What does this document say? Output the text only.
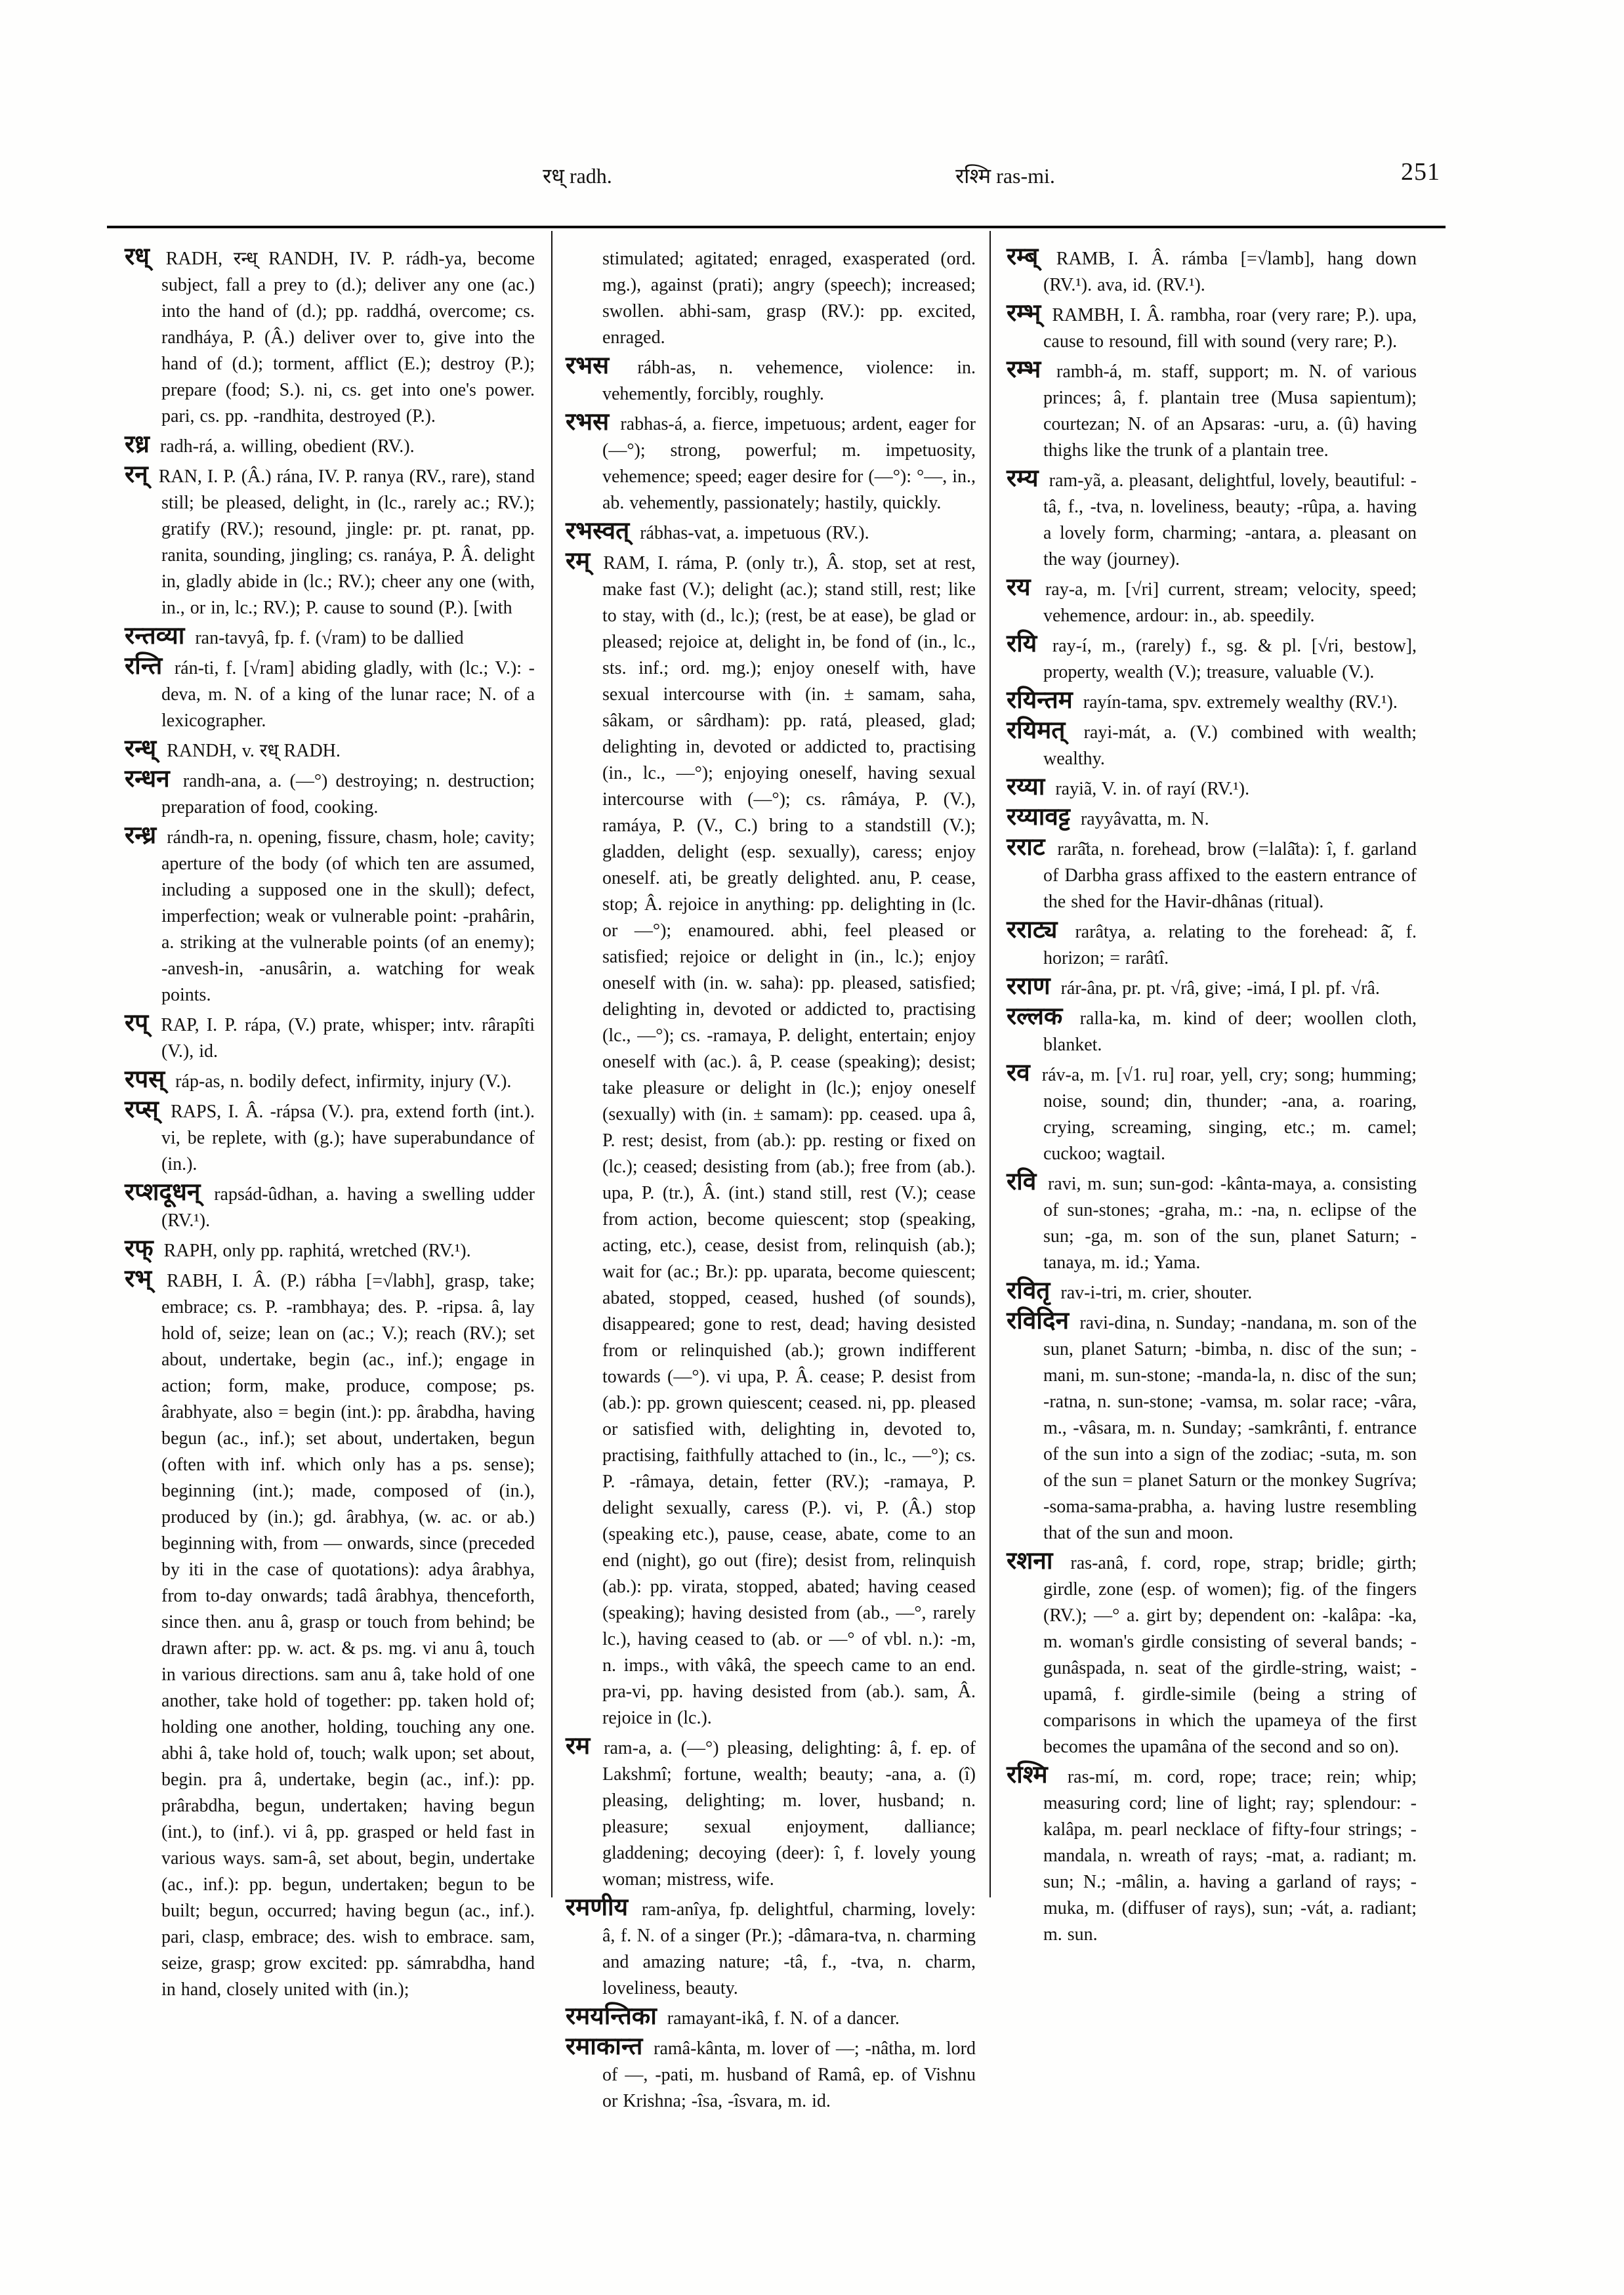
रध् radh.	रश्मि ras-mi.	251

रध् RADH, रन्ध् RANDH, IV. P. rádh-ya, become subject, fall a prey to (d.); deliver any one (ac.) into the hand of (d.); pp. raddhá, overcome; cs. randháya, P. (Â.) deliver over to, give into the hand of (d.); torment, afflict (E.); destroy (P.); prepare (food; S.). ni, cs. get into one's power. pari, cs. pp. -randhita, destroyed (P.).

रध्र radh-rá, a. willing, obedient (RV.).

रन् RAN, I. P. (Â.) rána, IV. P. ranya (RV., rare), stand still; be pleased, delight, in (lc., rarely ac.; RV.); gratify (RV.); resound, jingle: pr. pt. ranat, pp. ranita, sounding, jingling; cs. ranáya, P. Â. delight in, gladly abide in (lc.; RV.); cheer any one (with, in., or in, lc.; RV.); P. cause to sound (P.). [with

रन्तव्या ran-tavyâ, fp. f. (√ram) to be dallied

रन्ति rán-ti, f. [√ram] abiding gladly, with (lc.; V.): -deva, m. N. of a king of the lunar race; N. of a lexicographer.

रन्ध् RANDH, v. रध् RADH.

रन्धन randh-ana, a. (—°) destroying; n. destruction; preparation of food, cooking.

रन्ध्र rándh-ra, n. opening, fissure, chasm, hole; cavity; aperture of the body (of which ten are assumed, including a supposed one in the skull); defect, imperfection; weak or vulnerable point: -prahârin, a. striking at the vulnerable points (of an enemy); -anvesh-in, -anusârin, a. watching for weak points.

रप् RAP, I. P. rápa, (V.) prate, whisper; intv. rârapîti (V.), id.

रपस् ráp-as, n. bodily defect, infirmity, injury (V.).

रप्स् RAPS, I. Â. -rápsa (V.). pra, extend forth (int.). vi, be replete, with (g.); have superabundance of (in.).

रप्शदूधन् rapsád-ûdhan, a. having a swelling udder (RV.¹).

रफ् RAPH, only pp. raphitá, wretched (RV.¹).

रभ् RABH, I. Â. (P.) rábha [=√labh], grasp, take; embrace; cs. P. -rambhaya; des. P. -ripsa. â, lay hold of, seize; lean on (ac.; V.); reach (RV.); set about, undertake, begin (ac., inf.); engage in action; form, make, produce, compose; ps. ârabhyate, also = begin (int.): pp. ârabdha, having begun (ac., inf.); set about, undertaken, begun (often with inf. which only has a ps. sense); beginning (int.); made, composed of (in.), produced by (in.); gd. ârabhya, (w. ac. or ab.) beginning with, from — onwards, since (preceded by iti in the case of quotations): adya ârabhya, from to-day onwards; tadâ ârabhya, thenceforth, since then. anu â, grasp or touch from behind; be drawn after: pp. w. act. & ps. mg. vi anu â, touch in various directions. sam anu â, take hold of one another, take hold of together: pp. taken hold of; holding one another, holding, touching any one. abhi â, take hold of, touch; walk upon; set about, begin. pra â, undertake, begin (ac., inf.): pp. prârabdha, begun, undertaken; having begun (int.), to (inf.). vi â, pp. grasped or held fast in various ways. sam-â, set about, begin, undertake (ac., inf.): pp. begun, undertaken; begun to be built; begun, occurred; having begun (ac., inf.). pari, clasp, embrace; des. wish to embrace. sam, seize, grasp; grow excited: pp. sámrabdha, hand in hand, closely united with (in.);

stimulated; agitated; enraged, exasperated (ord. mg.), against (prati); angry (speech); increased; swollen. abhi-sam, grasp (RV.): pp. excited, enraged.

रभस rábh-as, n. vehemence, violence: in. vehemently, forcibly, roughly.

रभस rabhas-á, a. fierce, impetuous; ardent, eager for (—°); strong, powerful; m. impetuosity, vehemence; speed; eager desire for (—°): °—, in., ab. vehemently, passionately; hastily, quickly.

रभस्वत् rábhas-vat, a. impetuous (RV.).

रम् RAM, I. ráma, P. (only tr.), Â. stop, set at rest, make fast (V.); delight (ac.); stand still, rest; like to stay, with (d., lc.); (rest, be at ease), be glad or pleased; rejoice at, delight in, be fond of (in., lc., sts. inf.; ord. mg.); enjoy oneself with, have sexual intercourse with (in. ± samam, saha, sâkam, or sârdham): pp. ratá, pleased, glad; delighting in, devoted or addicted to, practising (in., lc., —°); enjoying oneself, having sexual intercourse with (—°); cs. râmáya, P. (V.), ramáya, P. (V., C.) bring to a standstill (V.); gladden, delight (esp. sexually), caress; enjoy oneself. ati, be greatly delighted. anu, P. cease, stop; Â. rejoice in anything: pp. delighting in (lc. or —°); enamoured. abhi, feel pleased or satisfied; rejoice or delight in (in., lc.); enjoy oneself with (in. w. saha): pp. pleased, satisfied; delighting in, devoted or addicted to, practising (lc., —°); cs. -ramaya, P. delight, entertain; enjoy oneself with (ac.). â, P. cease (speaking); desist; take pleasure or delight in (lc.); enjoy oneself (sexually) with (in. ± samam): pp. ceased. upa â, P. rest; desist, from (ab.): pp. resting or fixed on (lc.); ceased; desisting from (ab.); free from (ab.). upa, P. (tr.), Â. (int.) stand still, rest (V.); cease from action, become quiescent; stop (speaking, acting, etc.), cease, desist from, relinquish (ab.); wait for (ac.; Br.): pp. uparata, become quiescent; abated, stopped, ceased, hushed (of sounds), disappeared; gone to rest, dead; having desisted from or relinquished (ab.); grown indifferent towards (—°). vi upa, P. Â. cease; P. desist from (ab.): pp. grown quiescent; ceased. ni, pp. pleased or satisfied with, delighting in, devoted to, practising, faithfully attached to (in., lc., —°); cs. P. -râmaya, detain, fetter (RV.); -ramaya, P. delight sexually, caress (P.). vi, P. (Â.) stop (speaking etc.), pause, cease, abate, come to an end (night), go out (fire); desist from, relinquish (ab.): pp. virata, stopped, abated; having ceased (speaking); having desisted from (ab., —°, rarely lc.), having ceased to (ab. or —° of vbl. n.): -m, n. imps., with vâkâ, the speech came to an end. pra-vi, pp. having desisted from (ab.). sam, Â. rejoice in (lc.).

रम ram-a, a. (—°) pleasing, delighting: â, f. ep. of Lakshmî; fortune, wealth; beauty; -ana, a. (î) pleasing, delighting; m. lover, husband; n. pleasure; sexual enjoyment, dalliance; gladdening; decoying (deer): î, f. lovely young woman; mistress, wife.

रमणीय ram-anîya, fp. delightful, charming, lovely: â, f. N. of a singer (Pr.); -dâmara-tva, n. charming and amazing nature; -tâ, f., -tva, n. charm, loveliness, beauty.

रमयन्तिका ramayant-ikâ, f. N. of a dancer.

रमाकान्त ramâ-kânta, m. lover of —; -nâtha, m. lord of —, -pati, m. husband of Ramâ, ep. of Vishnu or Krishna; -îsa, -îsvara, m. id.

रम्ब् RAMB, I. Â. rámba [=√lamb], hang down (RV.¹). ava, id. (RV.¹).

रम्भ् RAMBH, I. Â. rambha, roar (very rare; P.). upa, cause to resound, fill with sound (very rare; P.).

रम्भ rambh-á, m. staff, support; m. N. of various princes; â, f. plantain tree (Musa sapientum); courtezan; N. of an Apsaras: -uru, a. (û) having thighs like the trunk of a plantain tree.

रम्य ram-yã, a. pleasant, delightful, lovely, beautiful: -tâ, f., -tva, n. loveliness, beauty; -rûpa, a. having a lovely form, charming; -antara, a. pleasant on the way (journey).

रय ray-a, m. [√ri] current, stream; velocity, speed; vehemence, ardour: in., ab. speedily.

रयि ray-í, m., (rarely) f., sg. & pl. [√ri, bestow], property, wealth (V.); treasure, valuable (V.).

रयिन्तम rayín-tama, spv. extremely wealthy (RV.¹).

रयिमत् rayi-mát, a. (V.) combined with wealth; wealthy.

रय्या rayiã, V. in. of rayí (RV.¹).

रय्यावट्ट rayyâvatta, m. N.

रराट rarâ̆ta, n. forehead, brow (=lalâ̆ta): î, f. garland of Darbha grass affixed to the eastern entrance of the shed for the Havir-dhânas (ritual).

रराट्य rarâtya, a. relating to the forehead: â̆, f. horizon; = rarâtî.

रराण rár-âna, pr. pt. √râ, give; -imá, I pl. pf. √râ.

रल्लक ralla-ka, m. kind of deer; woollen cloth, blanket.

रव ráv-a, m. [√1. ru] roar, yell, cry; song; humming; noise, sound; din, thunder; -ana, a. roaring, crying, screaming, singing, etc.; m. camel; cuckoo; wagtail.

रवि ravi, m. sun; sun-god: -kânta-maya, a. consisting of sun-stones; -graha, m.: -na, n. eclipse of the sun; -ga, m. son of the sun, planet Saturn; -tanaya, m. id.; Yama.

रवितृ rav-i-tri, m. crier, shouter.

रविदिन ravi-dina, n. Sunday; -nandana, m. son of the sun, planet Saturn; -bimba, n. disc of the sun; -mani, m. sun-stone; -manda-la, n. disc of the sun; -ratna, n. sun-stone; -vamsa, m. solar race; -vâra, m., -vâsara, m. n. Sunday; -samkrânti, f. entrance of the sun into a sign of the zodiac; -suta, m. son of the sun = planet Saturn or the monkey Sugríva; -soma-sama-prabha, a. having lustre resembling that of the sun and moon.

रशना ras-anâ, f. cord, rope, strap; bridle; girth; girdle, zone (esp. of women); fig. of the fingers (RV.); —° a. girt by; dependent on: -kalâpa: -ka, m. woman's girdle consisting of several bands; -gunâspada, n. seat of the girdle-string, waist; -upamâ, f. girdle-simile (being a string of comparisons in which the upameya of the first becomes the upamâna of the second and so on).

रश्मि ras-mí, m. cord, rope; trace; rein; whip; measuring cord; line of light; ray; splendour: -kalâpa, m. pearl necklace of fifty-four strings; -mandala, n. wreath of rays; -mat, a. radiant; m. sun; N.; -mâlin, a. having a garland of rays; -muka, m. (diffuser of rays), sun; -vát, a. radiant; m. sun.
